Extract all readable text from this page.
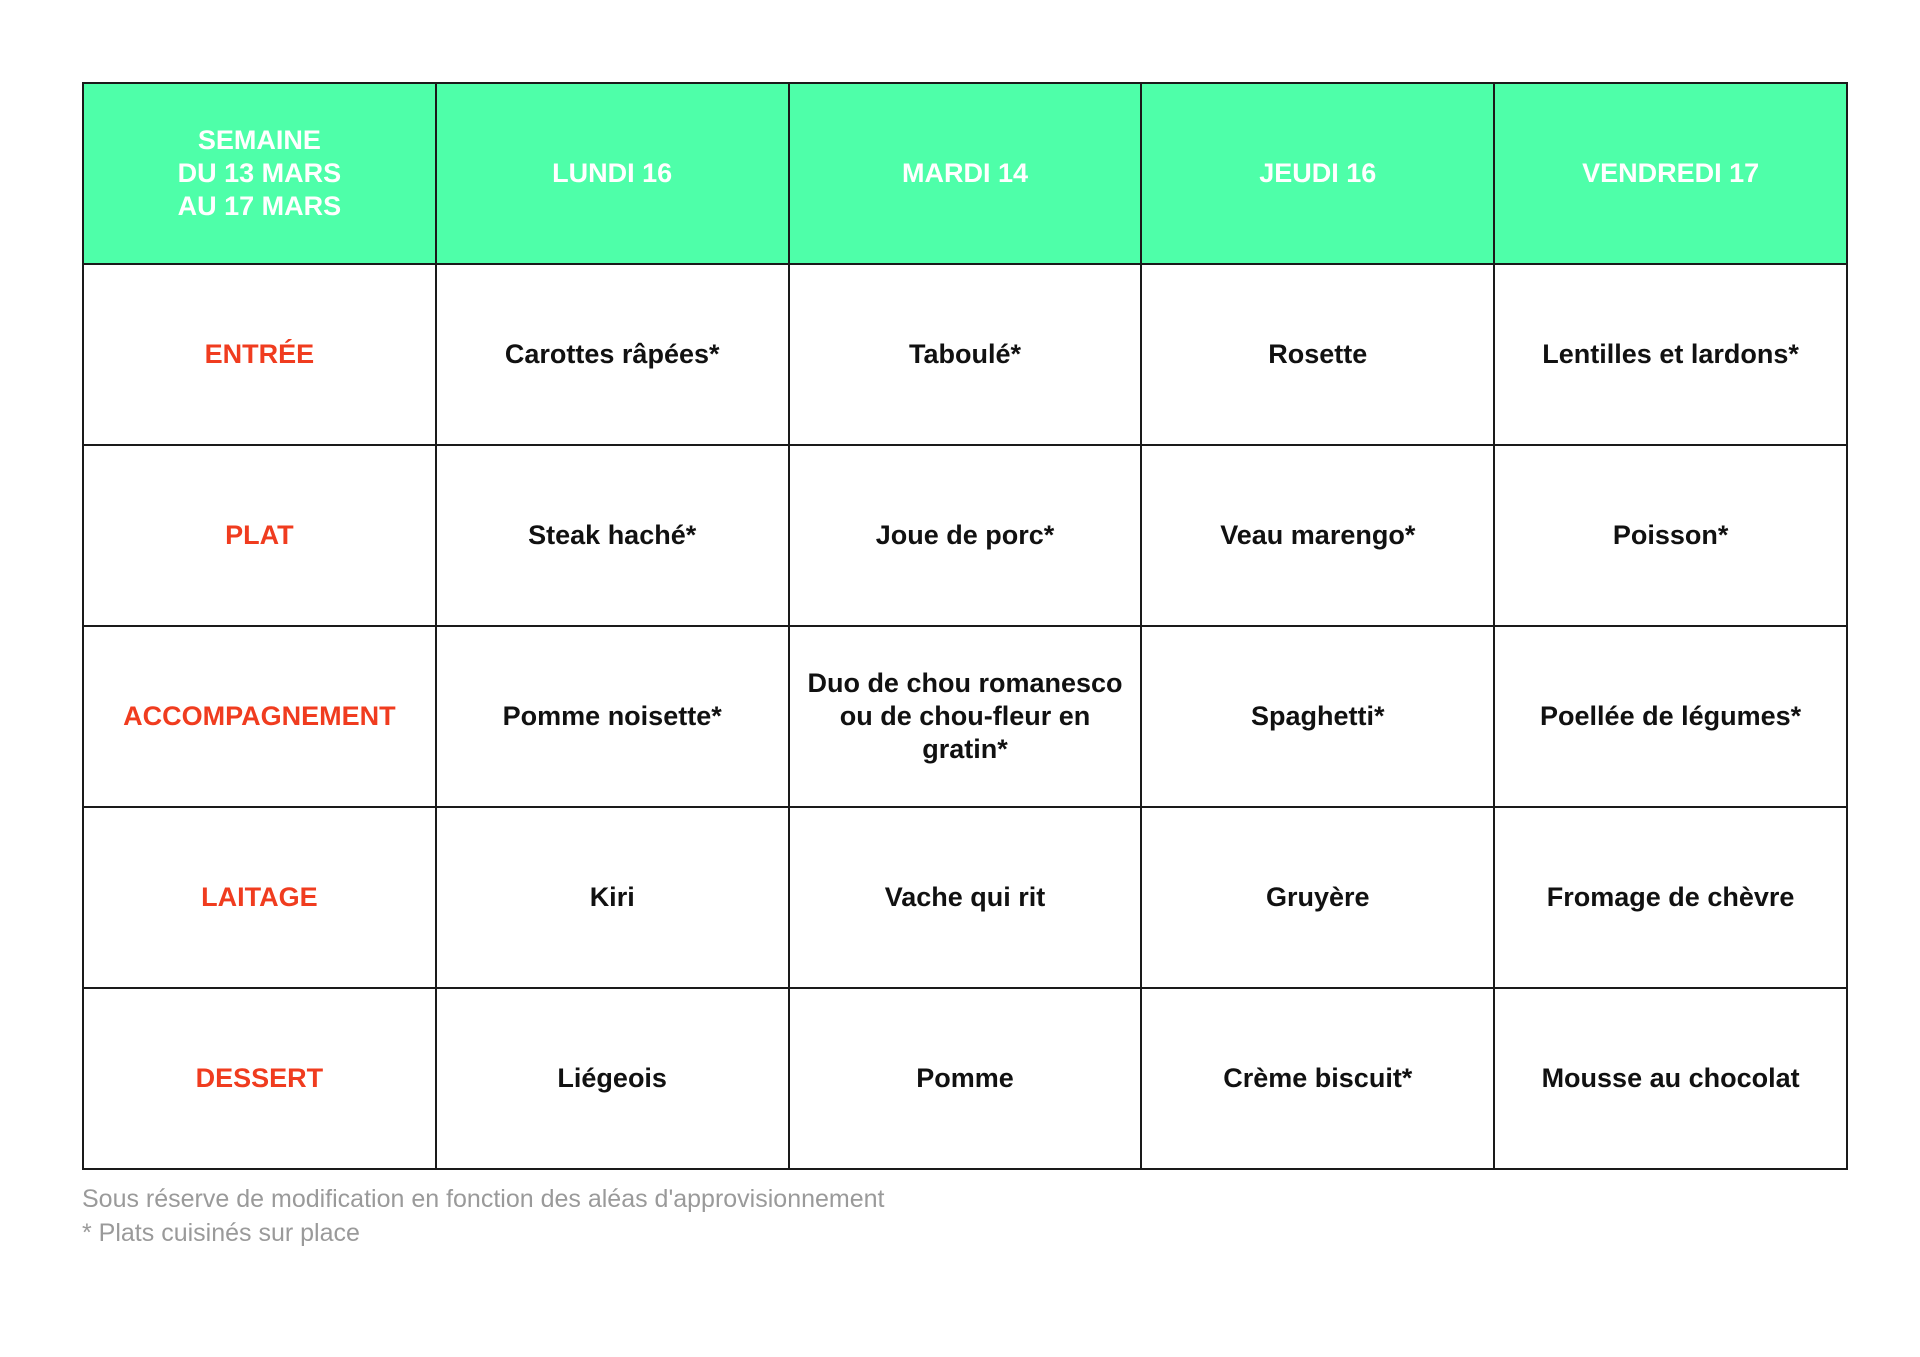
SEMAINE
DU 13 MARS
AU 17 MARS	LUNDI 16	MARDI 14	JEUDI 16	VENDREDI 17
ENTRÉE	Carottes râpées*	Taboulé*	Rosette	Lentilles et lardons*

PLAT	Steak haché*	Joue de porc*	Veau marengo*	Poisson*

ACCOMPAGNEMENT	Pomme noisette*	Duo de chou romanesco
ou de chou-fleur en gratin*	Spaghetti*	Poellée de légumes*

LAITAGE	Kiri	Vache qui rit	Gruyère	Fromage de chèvre

DESSERT	Liégeois	Pomme	Crème biscuit*	Mousse au chocolat
Sous réserve de modification en fonction des aléas d'approvisionnement
* Plats cuisinés sur place
